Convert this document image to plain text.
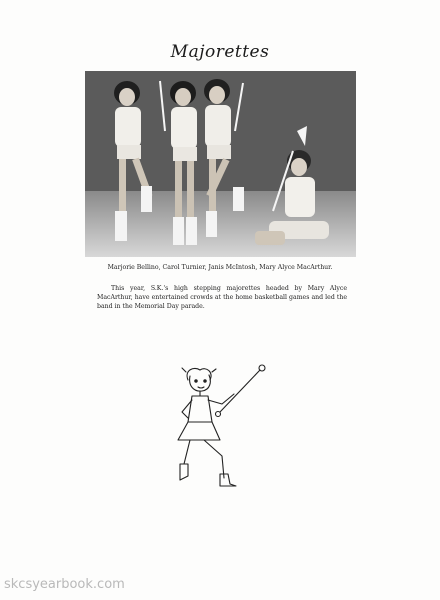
Majorettes
Marjorie Bellino, Carol Turnier, Janis McIntosh, Mary Alyce MacArthur.
This year, S.K.'s high stepping majorettes headed by Mary Alyce MacArthur, have entertained crowds at the home basketball games and led the band in the Memorial Day parade.
skcsyearbook.com
